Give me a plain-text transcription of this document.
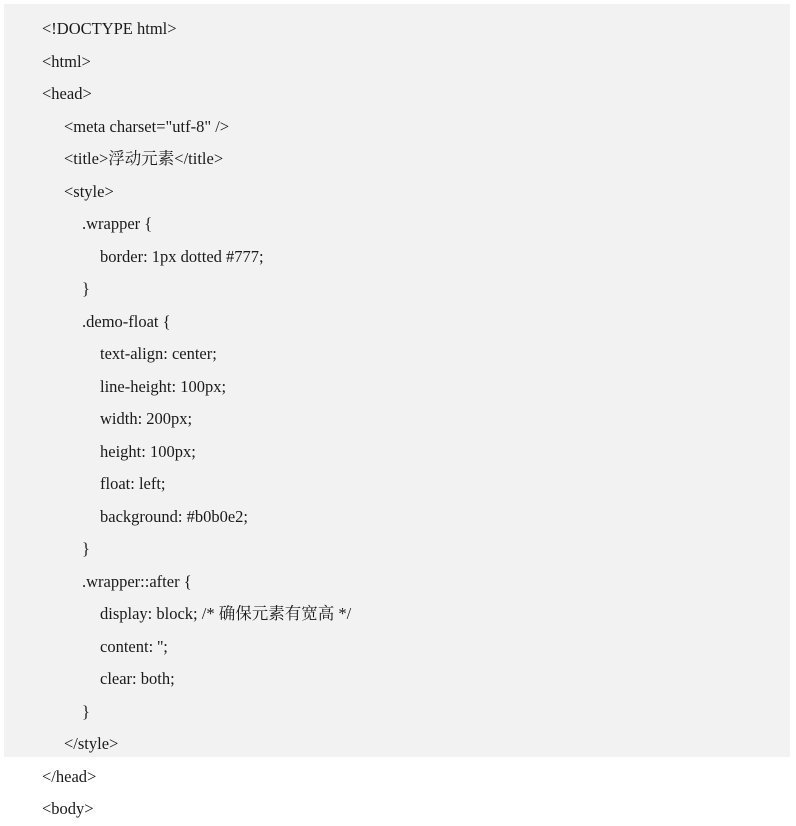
<!DOCTYPE html>
<html>
<head>
<meta charset="utf-8" />
<title>浮动元素</title>
<style>
.wrapper {
border: 1px dotted #777;
}
.demo-float {
text-align: center;
line-height: 100px;
width: 200px;
height: 100px;
float: left;
background: #b0b0e2;
}
.wrapper::after {
display: block; /* 确保元素有宽高 */
content: '';
clear: both;
}
</style>
</head>
<body>
